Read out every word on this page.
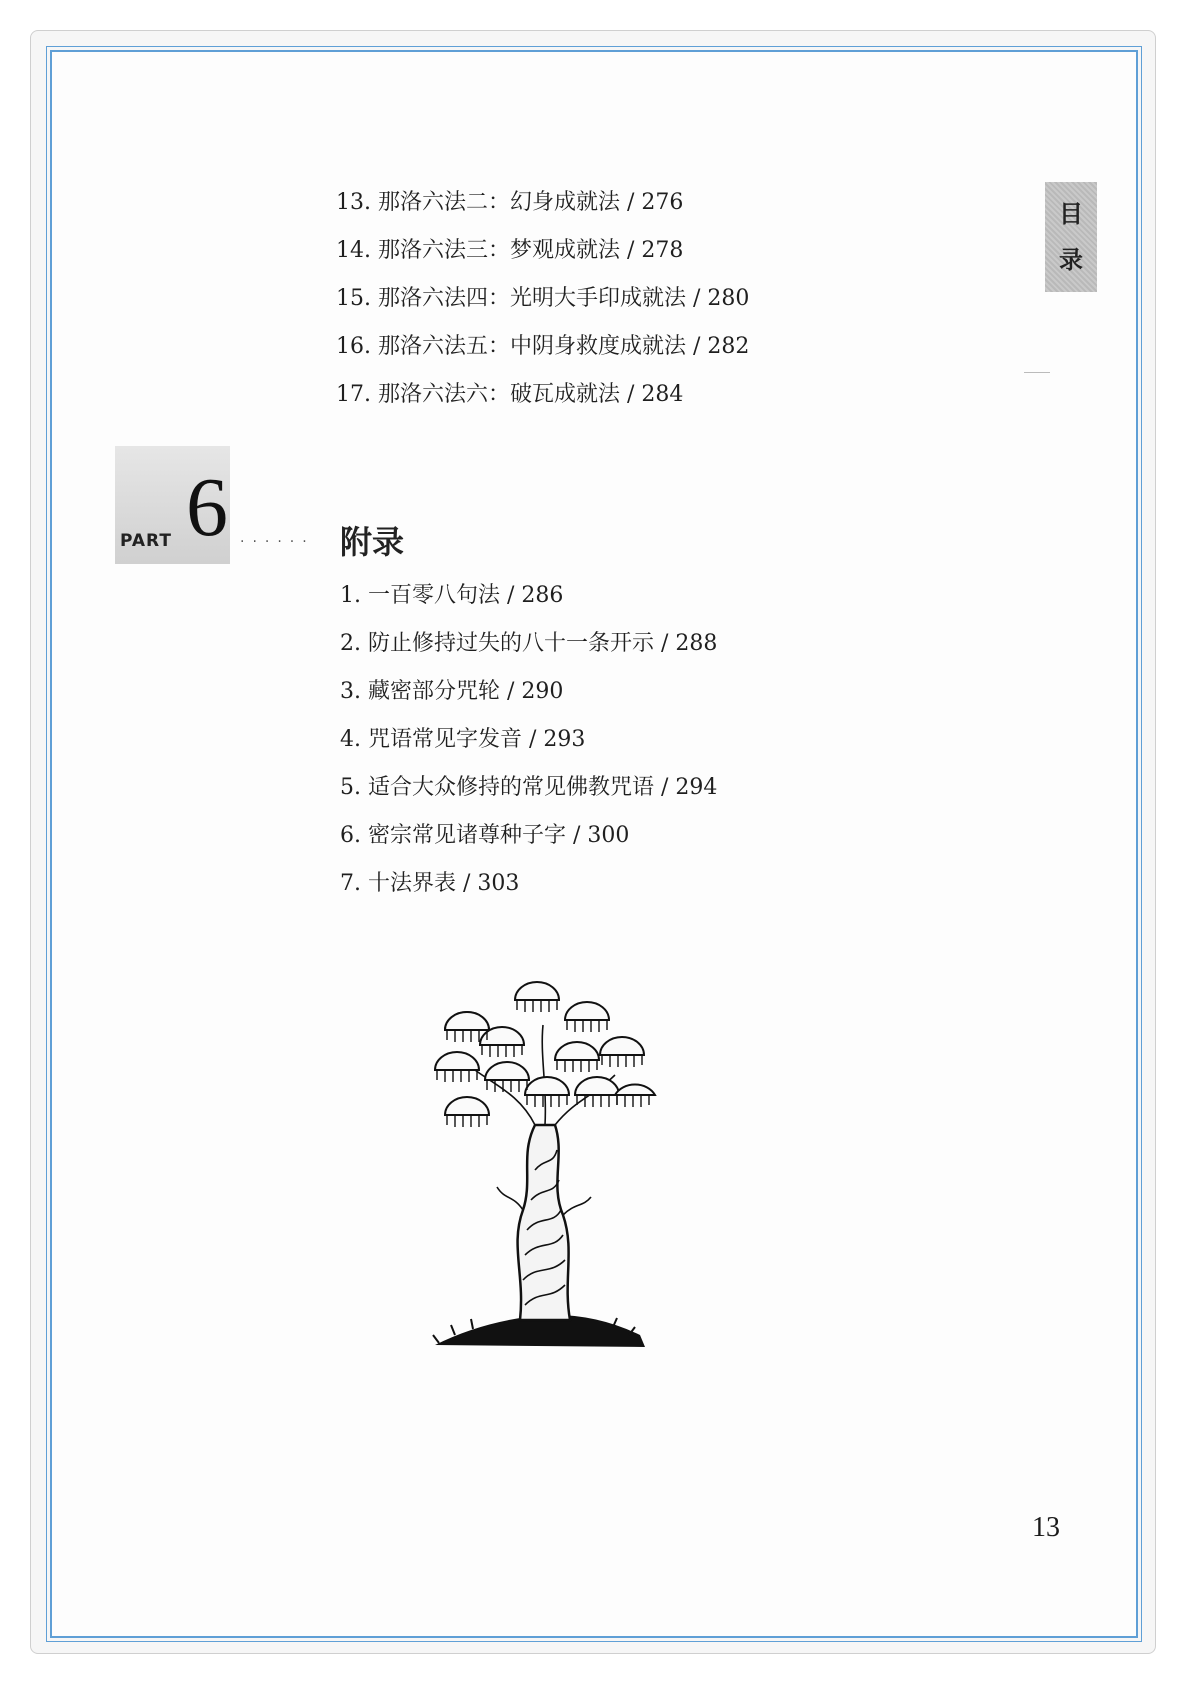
目
录
13. 那洛六法二：幻身成就法 / 276
14. 那洛六法三：梦观成就法 / 278
15. 那洛六法四：光明大手印成就法 / 280
16. 那洛六法五：中阴身救度成就法 / 282
17. 那洛六法六：破瓦成就法 / 284
PART 6 ...... 附录
1. 一百零八句法 / 286
2. 防止修持过失的八十一条开示 / 288
3. 藏密部分咒轮 / 290
4. 咒语常见字发音 / 293
5. 适合大众修持的常见佛教咒语 / 294
6. 密宗常见诸尊种子字 / 300
7. 十法界表 / 303
13
